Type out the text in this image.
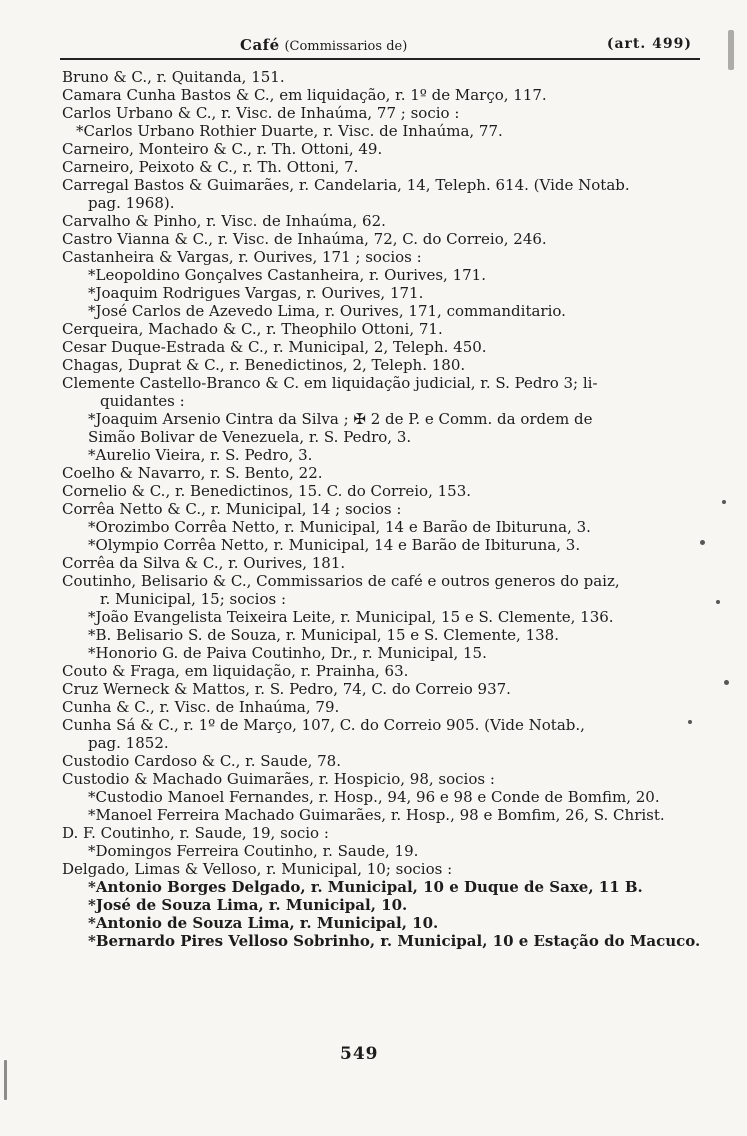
Café (Commissarios de)	(art. 499)
Bruno & C., r. Quitanda, 151.
Camara Cunha Bastos & C., em liquidação, r. 1º de Março, 117.
Carlos Urbano & C., r. Visc. de Inhaúma, 77 ; socio :
*Carlos Urbano Rothier Duarte, r. Visc. de Inhaúma, 77.
Carneiro, Monteiro & C., r. Th. Ottoni, 49.
Carneiro, Peixoto & C., r. Th. Ottoni, 7.
Carregal Bastos & Guimarães, r. Candelaria, 14, Teleph. 614. (Vide Notab.
pag. 1968).
Carvalho & Pinho, r. Visc. de Inhaúma, 62.
Castro Vianna & C., r. Visc. de Inhaúma, 72, C. do Correio, 246.
Castanheira & Vargas, r. Ourives, 171 ; socios :
*Leopoldino Gonçalves Castanheira, r. Ourives, 171.
*Joaquim Rodrigues Vargas, r. Ourives, 171.
*José Carlos de Azevedo Lima, r. Ourives, 171, commanditario.
Cerqueira, Machado & C., r. Theophilo Ottoni, 71.
Cesar Duque-Estrada & C., r. Municipal, 2, Teleph. 450.
Chagas, Duprat & C., r. Benedictinos, 2, Teleph. 180.
Clemente Castello-Branco & C. em liquidação judicial, r. S. Pedro 3; li-
quidantes :
*Joaquim Arsenio Cintra da Silva ; ✠ 2 de P. e Comm. da ordem de
Simão Bolivar de Venezuela, r. S. Pedro, 3.
*Aurelio Vieira, r. S. Pedro, 3.
Coelho & Navarro, r. S. Bento, 22.
Cornelio & C., r. Benedictinos, 15. C. do Correio, 153.
Corrêa Netto & C., r. Municipal, 14 ; socios :
*Orozimbo Corrêa Netto, r. Municipal, 14 e Barão de Ibituruna, 3.
*Olympio Corrêa Netto, r. Municipal, 14 e Barão de Ibituruna, 3.
Corrêa da Silva & C., r. Ourives, 181.
Coutinho, Belisario & C., Commissarios de café e outros generos do paiz,
r. Municipal, 15; socios :
*João Evangelista Teixeira Leite, r. Municipal, 15 e S. Clemente, 136.
*B. Belisario S. de Souza, r. Municipal, 15 e S. Clemente, 138.
*Honorio G. de Paiva Coutinho, Dr., r. Municipal, 15.
Couto & Fraga, em liquidação, r. Prainha, 63.
Cruz Werneck & Mattos, r. S. Pedro, 74, C. do Correio 937.
Cunha & C., r. Visc. de Inhaúma, 79.
Cunha Sá & C., r. 1º de Março, 107, C. do Correio 905. (Vide Notab.,
pag. 1852.
Custodio Cardoso & C., r. Saude, 78.
Custodio & Machado Guimarães, r. Hospicio, 98, socios :
*Custodio Manoel Fernandes, r. Hosp., 94, 96 e 98 e Conde de Bomfim, 20.
*Manoel Ferreira Machado Guimarães, r. Hosp., 98 e Bomfim, 26, S. Christ.
D. F. Coutinho, r. Saude, 19, socio :
*Domingos Ferreira Coutinho, r. Saude, 19.
Delgado, Limas & Velloso, r. Municipal, 10; socios :
*Antonio Borges Delgado, r. Municipal, 10 e Duque de Saxe, 11 B.
*José de Souza Lima, r. Municipal, 10.
*Antonio de Souza Lima, r. Municipal, 10.
*Bernardo Pires Velloso Sobrinho, r. Municipal, 10 e Estação do Macuco.
549
